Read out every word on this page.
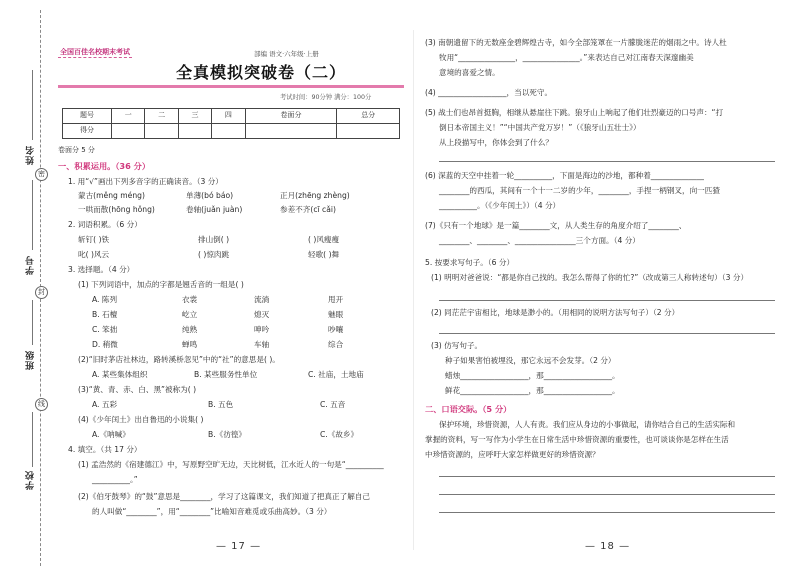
姓名
密
学号
封
班级
线
学校
全国百佳名校期末考试	部编 语文·六年级·上册
全真模拟突破卷（二）
考试时间：90分钟 满分：100分
题号	一	二	三	四	卷面分	总分
得分						
卷面分 5 分
一、积累运用。（36 分）
1. 用“√”画出下列多音字的正确读音。（3 分）
蒙古(měng méng)	单薄(bó báo)	正月(zhēng zhèng)
一哄而散(hōng hǒng)	卷轴(juǎn juàn)	参差不齐(cī cǎi)
2. 词语积累。（6 分）
斩钉( )铁	排山倒( )	( )风瘦瘦
叱( )风云	( )惊肉跳	轻歌( )舞
3. 选择题。（4 分）
(1) 下列词语中，加点的字都是翘舌音的一组是( )
A. 陈列	衣裳	流淌	甩开
B. 石檀	屹立	熄灭	魅眼
C. 笨拙	纯熟	呻吟	吵嚷
D. 稍微	蝉鸣	车轴	综合
(2)“旧时茅店社林边，路转溪桥忽见”中的“社”的意思是( )。
A. 某些集体组织	B. 某些服务性单位	C. 社庙，土地庙
(3)“黄、青、赤、白、黑”被称为( )
A. 五彩	B. 五色	C. 五音
(4)《少年闰土》出自鲁迅的小说集( )
A.《呐喊》	B.《彷徨》	C.《故乡》
4. 填空。（共 17 分）
(1) 孟浩然的《宿建德江》中，写原野空旷无边，天比树低，江水近人的一句是“__________
__________。”
(2)《伯牙鼓琴》的“鼓”意思是________，学习了这篇课文，我们知道了把真正了解自己
的人叫做“________”，用“________”比喻知音难觅或乐曲高妙。（3 分）
— 17 —
(3) 南朝遗留下的无数座金碧辉煌古寺，如今全部笼罩在一片朦胧迷茫的烟雨之中。诗人杜
牧用“_______________，_______________。”来表达自己对江南春天深邃幽美
意境的喜爱之情。
(4) __________________，当以死守。
(5) 战士们也昂首挺胸，相继从悬崖往下跳。狼牙山上响起了他们壮烈豪迈的口号声：“打
倒日本帝国主义！”“中国共产党万岁！”（《狼牙山五壮士》）
从上段描写中，你体会到了什么？
(6) 深蓝的天空中挂着一轮__________，下面是海边的沙地，都种着______________
________的西瓜，其间有一个十一二岁的少年，________，手捏一柄钢叉，向一匹猹
__________。（《少年闰土》）（4 分）
(7)《只有一个地球》是一篇________文，从人类生存的角度介绍了________、
________、________、________________三个方面。（4 分）
5. 按要求写句子。（6 分）
(1) 明明对爸爸说：“都是你自己找的。我怎么帮得了你的忙?”（改成第三人称转述句）（3 分）
(2) 同茫茫宇宙相比，地球是渺小的。（用相同的说明方法写句子）（2 分）
(3) 仿写句子。
种子如果害怕被埋没，那它永远不会发芽。（2 分）
蜡烛__________________，那__________________。
鲜花__________________，那__________________。
二、口语交际。（5 分）
保护环境，珍惜资源，人人有责。我们应从身边的小事做起，请你结合自己的生活实际和
掌握的资料，写一写作为小学生在日常生活中珍惜资源的重要性，也可谈谈你是怎样在生活
中珍惜资源的，应呼吁大家怎样做更好的珍惜资源？
— 18 —
